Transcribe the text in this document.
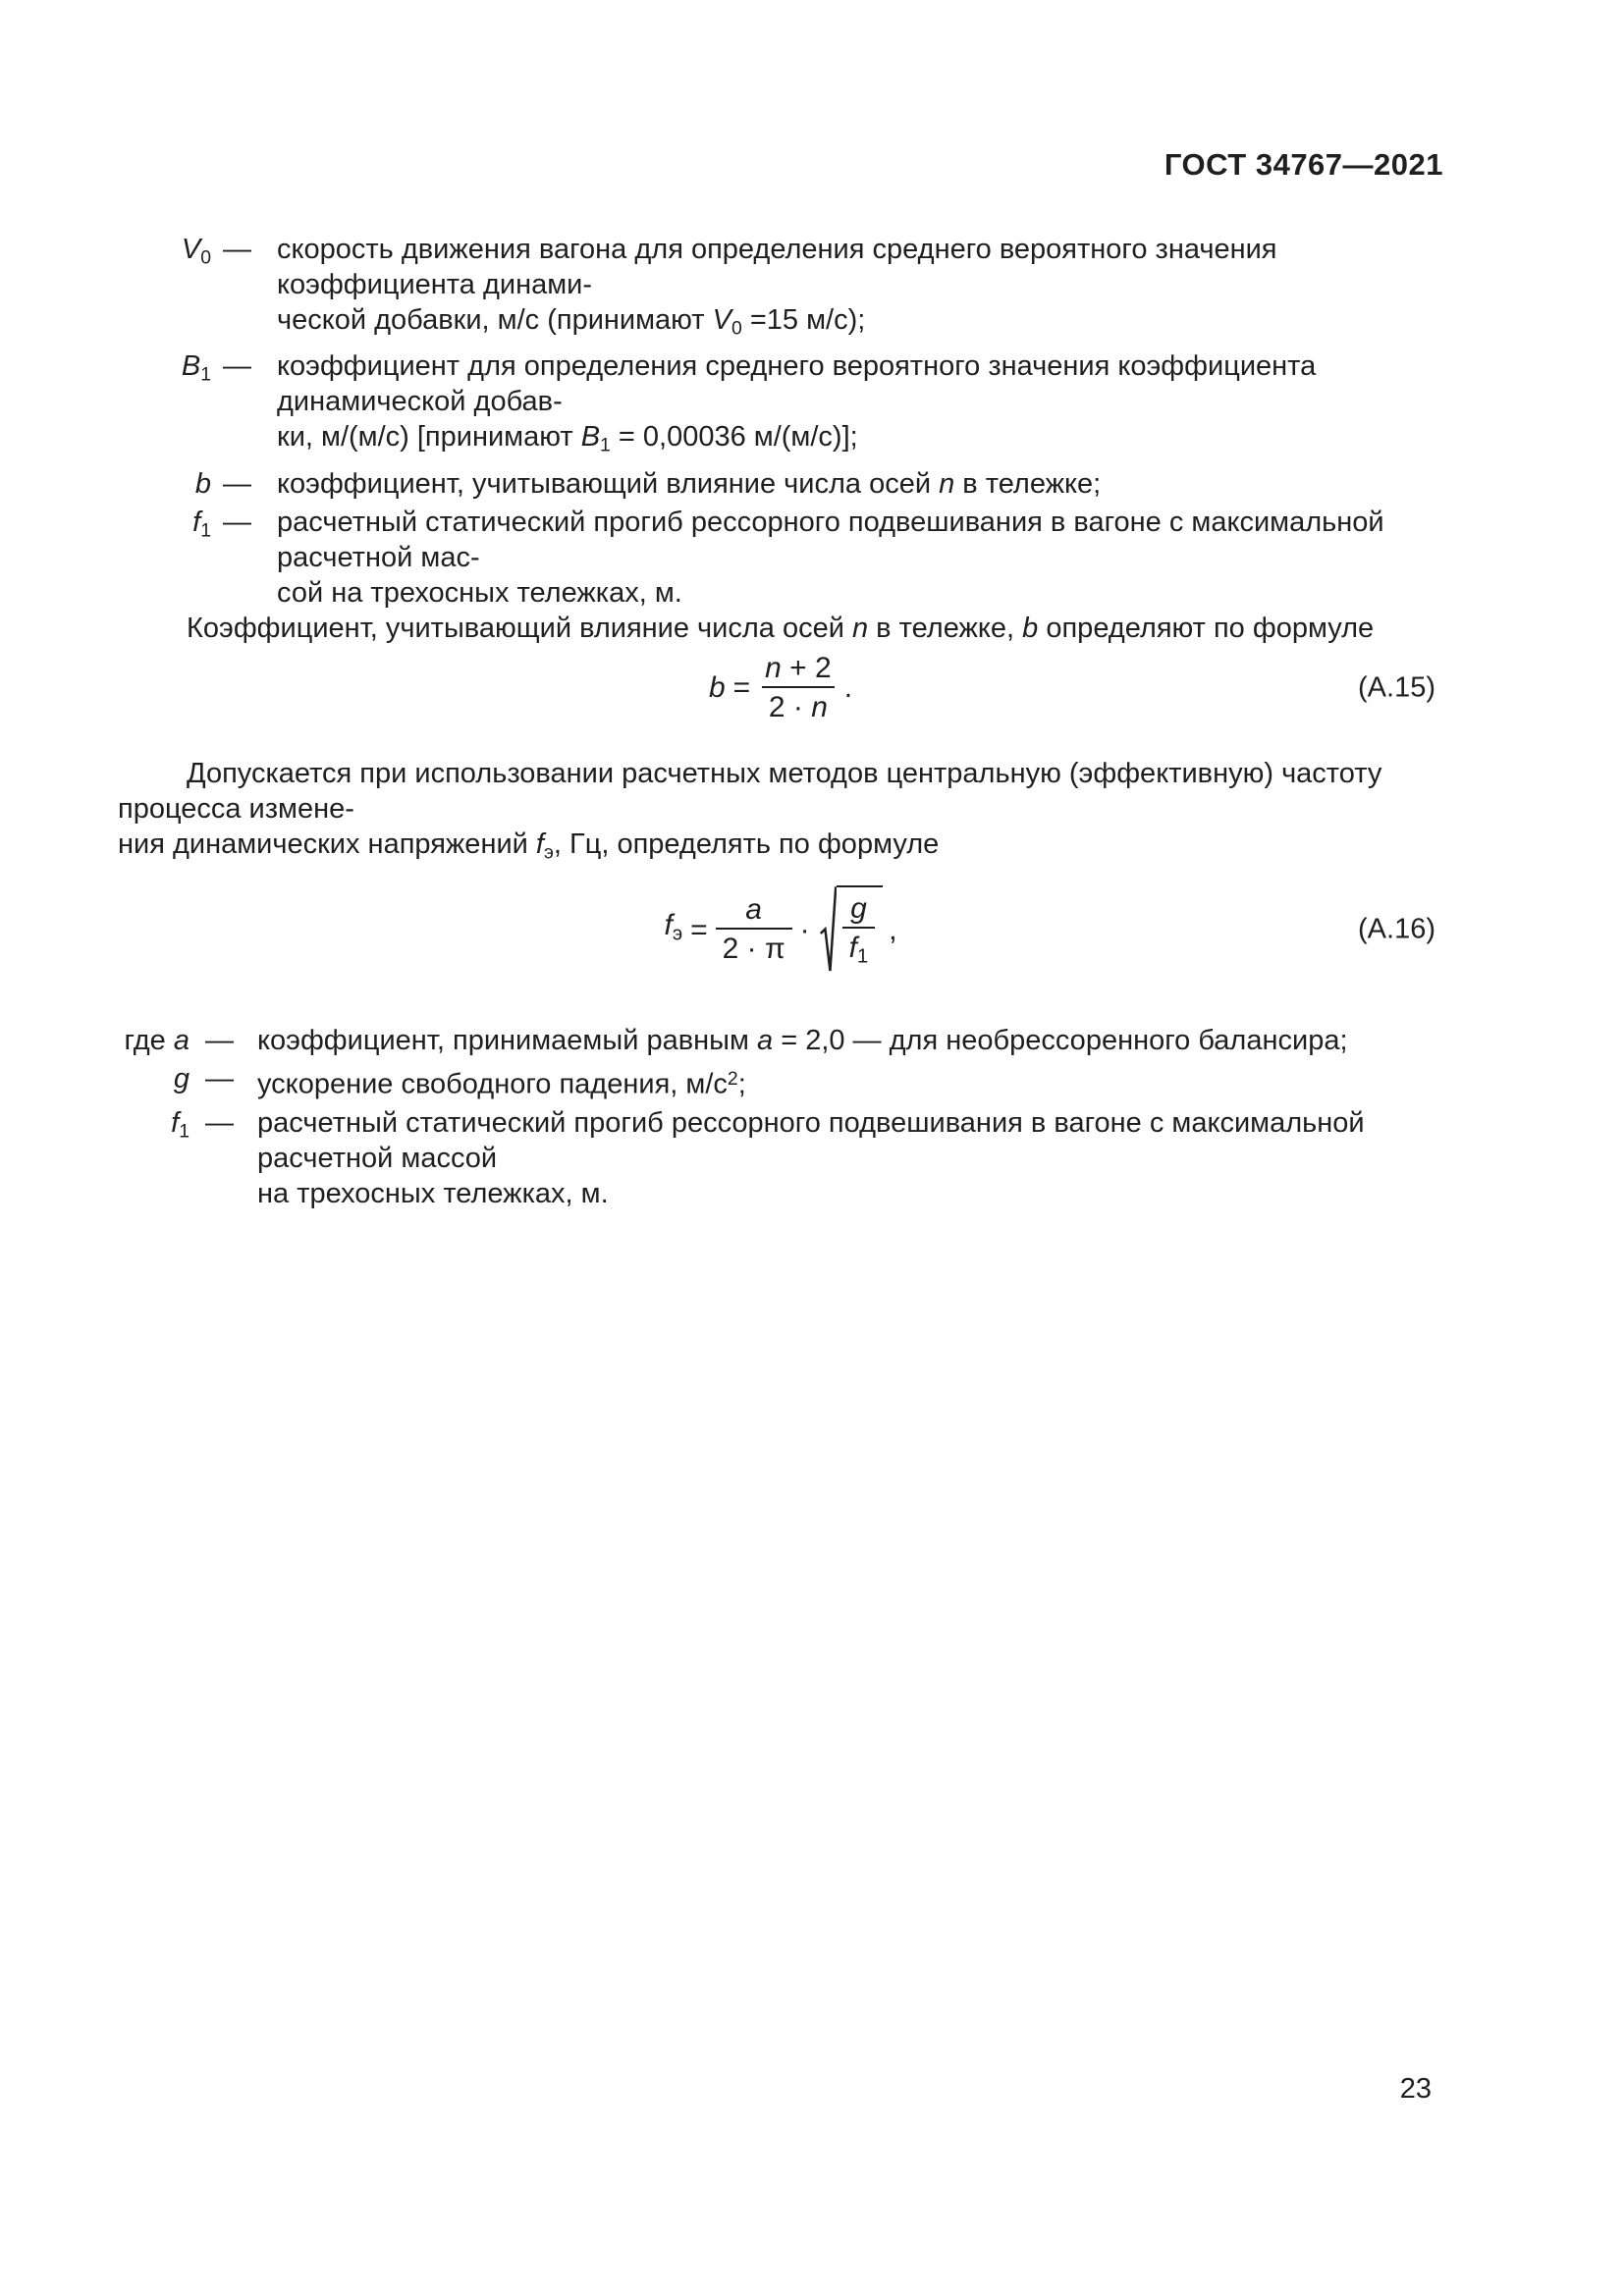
ГОСТ 34767—2021
$V_0$ — скорость движения вагона для определения среднего вероятного значения коэффициента динами-
ческой добавки, м/с (принимают $V_0 =15$ м/с);
$B_1$ — коэффициент для определения среднего вероятного значения коэффициента динамической добав-
ки, м/(м/с) [принимают $B_1 = 0,00036$ м/(м/с)];
b — коэффициент, учитывающий влияние числа осей n в тележке;
$f_1$ — расчетный статический прогиб рессорного подвешивания в вагоне с максимальной расчетной мас-
сой на трехосных тележках, м.
Коэффициент, учитывающий влияние числа осей n в тележке, b определяют по формуле
$b = \frac{n + 2}{2 \cdot n}$ .	(А.15)
Допускается при использовании расчетных методов центральную (эффективную) частоту процесса измене-
ния динамических напряжений $f_э$, Гц, определять по формуле
$f_э = \frac{a}{2 \cdot \pi} \cdot \frac{g}{f_1}$ ,	(А.16)
где a — коэффициент, принимаемый равным a = 2,0 — для необрессоренного балансира;
g — ускорение свободного падения, $м/с^2$;
$f_1$ — расчетный статический прогиб рессорного подвешивания в вагоне с максимальной расчетной массой
на трехосных тележках, м.
23
